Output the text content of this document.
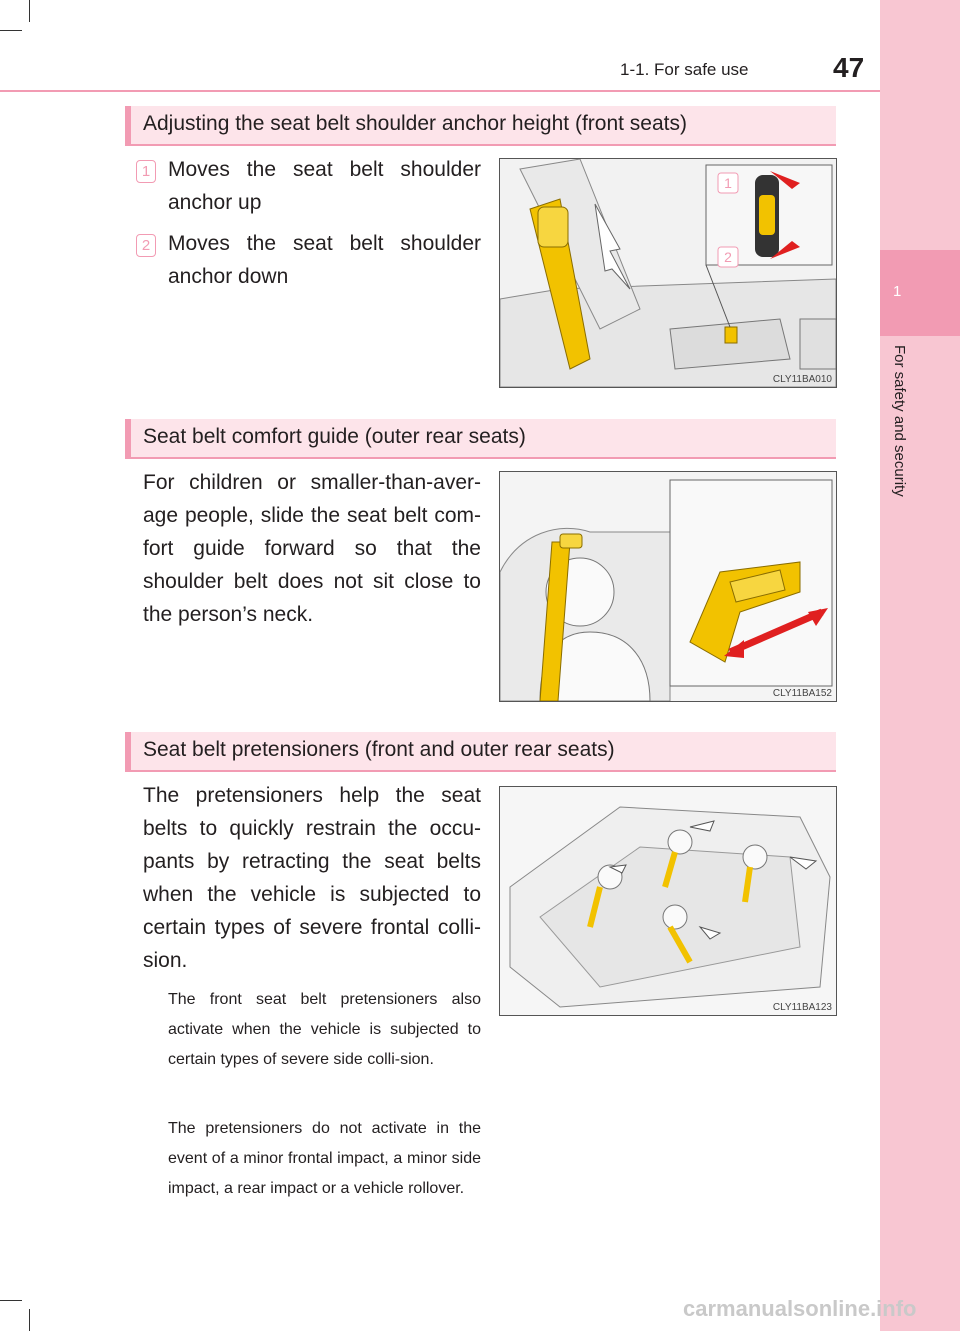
1
For safety and security
1-1. For safe use	47
Adjusting the seat belt shoulder anchor height (front seats)
1 Moves the seat belt shoulder anchor up
2 Moves the seat belt shoulder anchor down
1
2
CLY11BA010
Seat belt comfort guide (outer rear seats)
For children or smaller-than-aver-age people, slide the seat belt com-fort guide forward so that the shoulder belt does not sit close to the person’s neck.
CLY11BA152
Seat belt pretensioners (front and outer rear seats)
The pretensioners help the seat belts to quickly restrain the occu-pants by retracting the seat belts when the vehicle is subjected to certain types of severe frontal colli-sion.
The front seat belt pretensioners also activate when the vehicle is subjected to certain types of severe side colli-sion.
The pretensioners do not activate in the event of a minor frontal impact, a minor side impact, a rear impact or a vehicle rollover.
CLY11BA123
carmanualsonline.info
